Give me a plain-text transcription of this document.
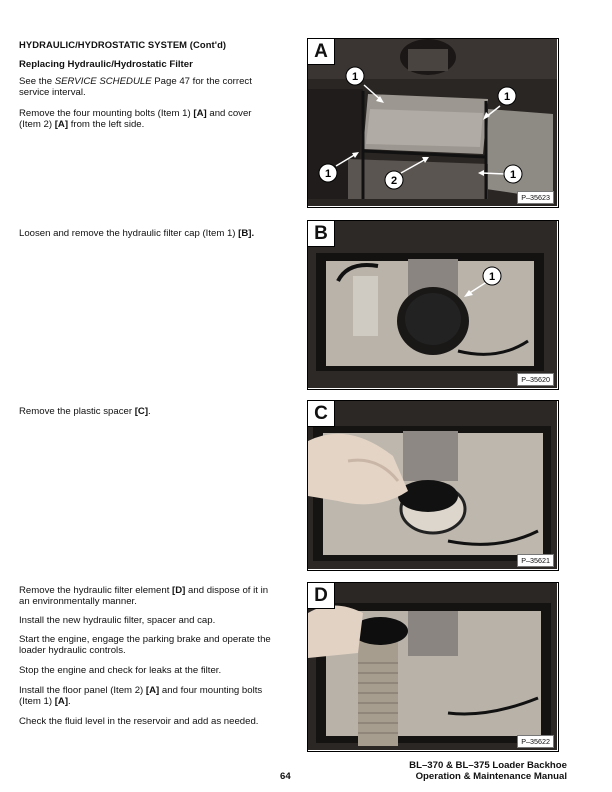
HYDRAULIC/HYDROSTATIC SYSTEM (Cont'd)
Replacing Hydraulic/Hydrostatic Filter
See the SERVICE SCHEDULE Page 47 for the correct service interval.
Remove the four mounting bolts (Item 1) [A] and cover (Item 2) [A] from the left side.
Loosen and remove the hydraulic filter cap (Item 1) [B].
Remove the plastic spacer [C].
Remove the hydraulic filter element [D] and dispose of it in an environmentally manner.
Install the new hydraulic filter, spacer and cap.
Start the engine, engage the parking brake and operate the loader hydraulic controls.
Stop the engine and check for leaks at the filter.
Install the floor panel (Item 2) [A] and four mounting bolts (Item 1) [A].
Check the fluid level in the reservoir and add as needed.
A
1
1
1
2	1
P–35623
B
1
P–35620
C
P–35621
D
P–35622
64
BL–370 & BL–375 Loader Backhoe
Operation & Maintenance Manual
